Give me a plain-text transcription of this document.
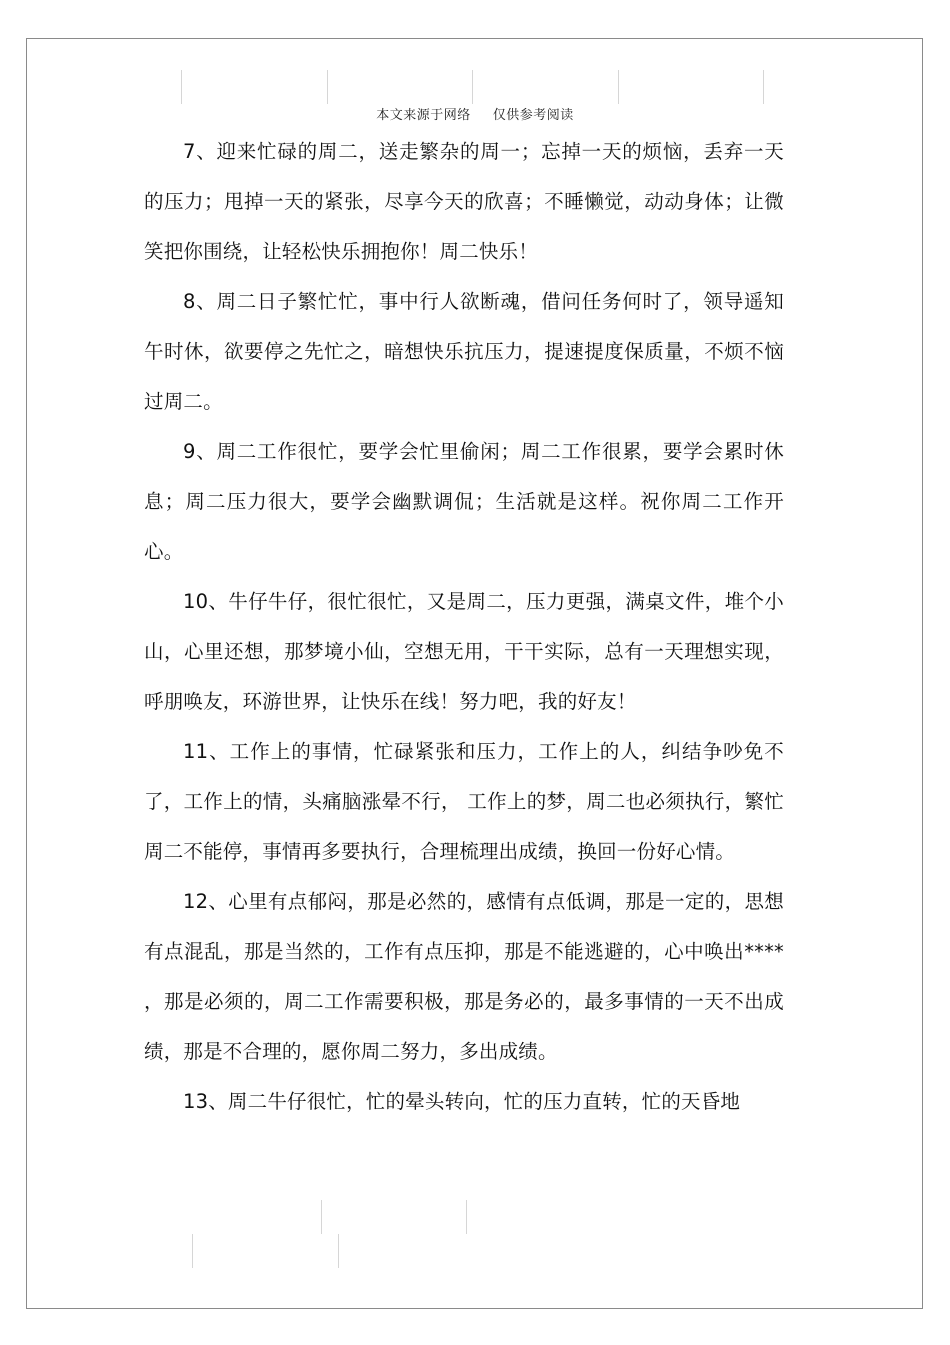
本文来源于网络 仅供参考阅读

7、迎来忙碌的周二，送走繁杂的周一；忘掉一天的烦恼，丢弃一天的压力；甩掉一天的紧张，尽享今天的欣喜；不睡懒觉，动动身体；让微笑把你围绕，让轻松快乐拥抱你！周二快乐！

8、周二日子繁忙忙，事中行人欲断魂，借问任务何时了，领导遥知午时休，欲要停之先忙之，暗想快乐抗压力，提速提度保质量，不烦不恼过周二。

9、周二工作很忙，要学会忙里偷闲；周二工作很累，要学会累时休息；周二压力很大，要学会幽默调侃；生活就是这样。祝你周二工作开心。

10、牛仔牛仔，很忙很忙，又是周二，压力更强，满桌文件，堆个小山，心里还想，那梦境小仙，空想无用，干干实际，总有一天理想实现，呼朋唤友，环游世界，让快乐在线！努力吧，我的好友！

11、工作上的事情，忙碌紧张和压力，工作上的人，纠结争吵免不了，工作上的情，头痛脑涨晕不行， 工作上的梦，周二也必须执行，繁忙周二不能停，事情再多要执行，合理梳理出成绩，换回一份好心情。

12、心里有点郁闷，那是必然的，感情有点低调，那是一定的，思想有点混乱，那是当然的，工作有点压抑，那是不能逃避的，心中唤出**** ，那是必须的，周二工作需要积极，那是务必的，最多事情的一天不出成绩，那是不合理的，愿你周二努力，多出成绩。

13、周二牛仔很忙，忙的晕头转向，忙的压力直转，忙的天昏地
